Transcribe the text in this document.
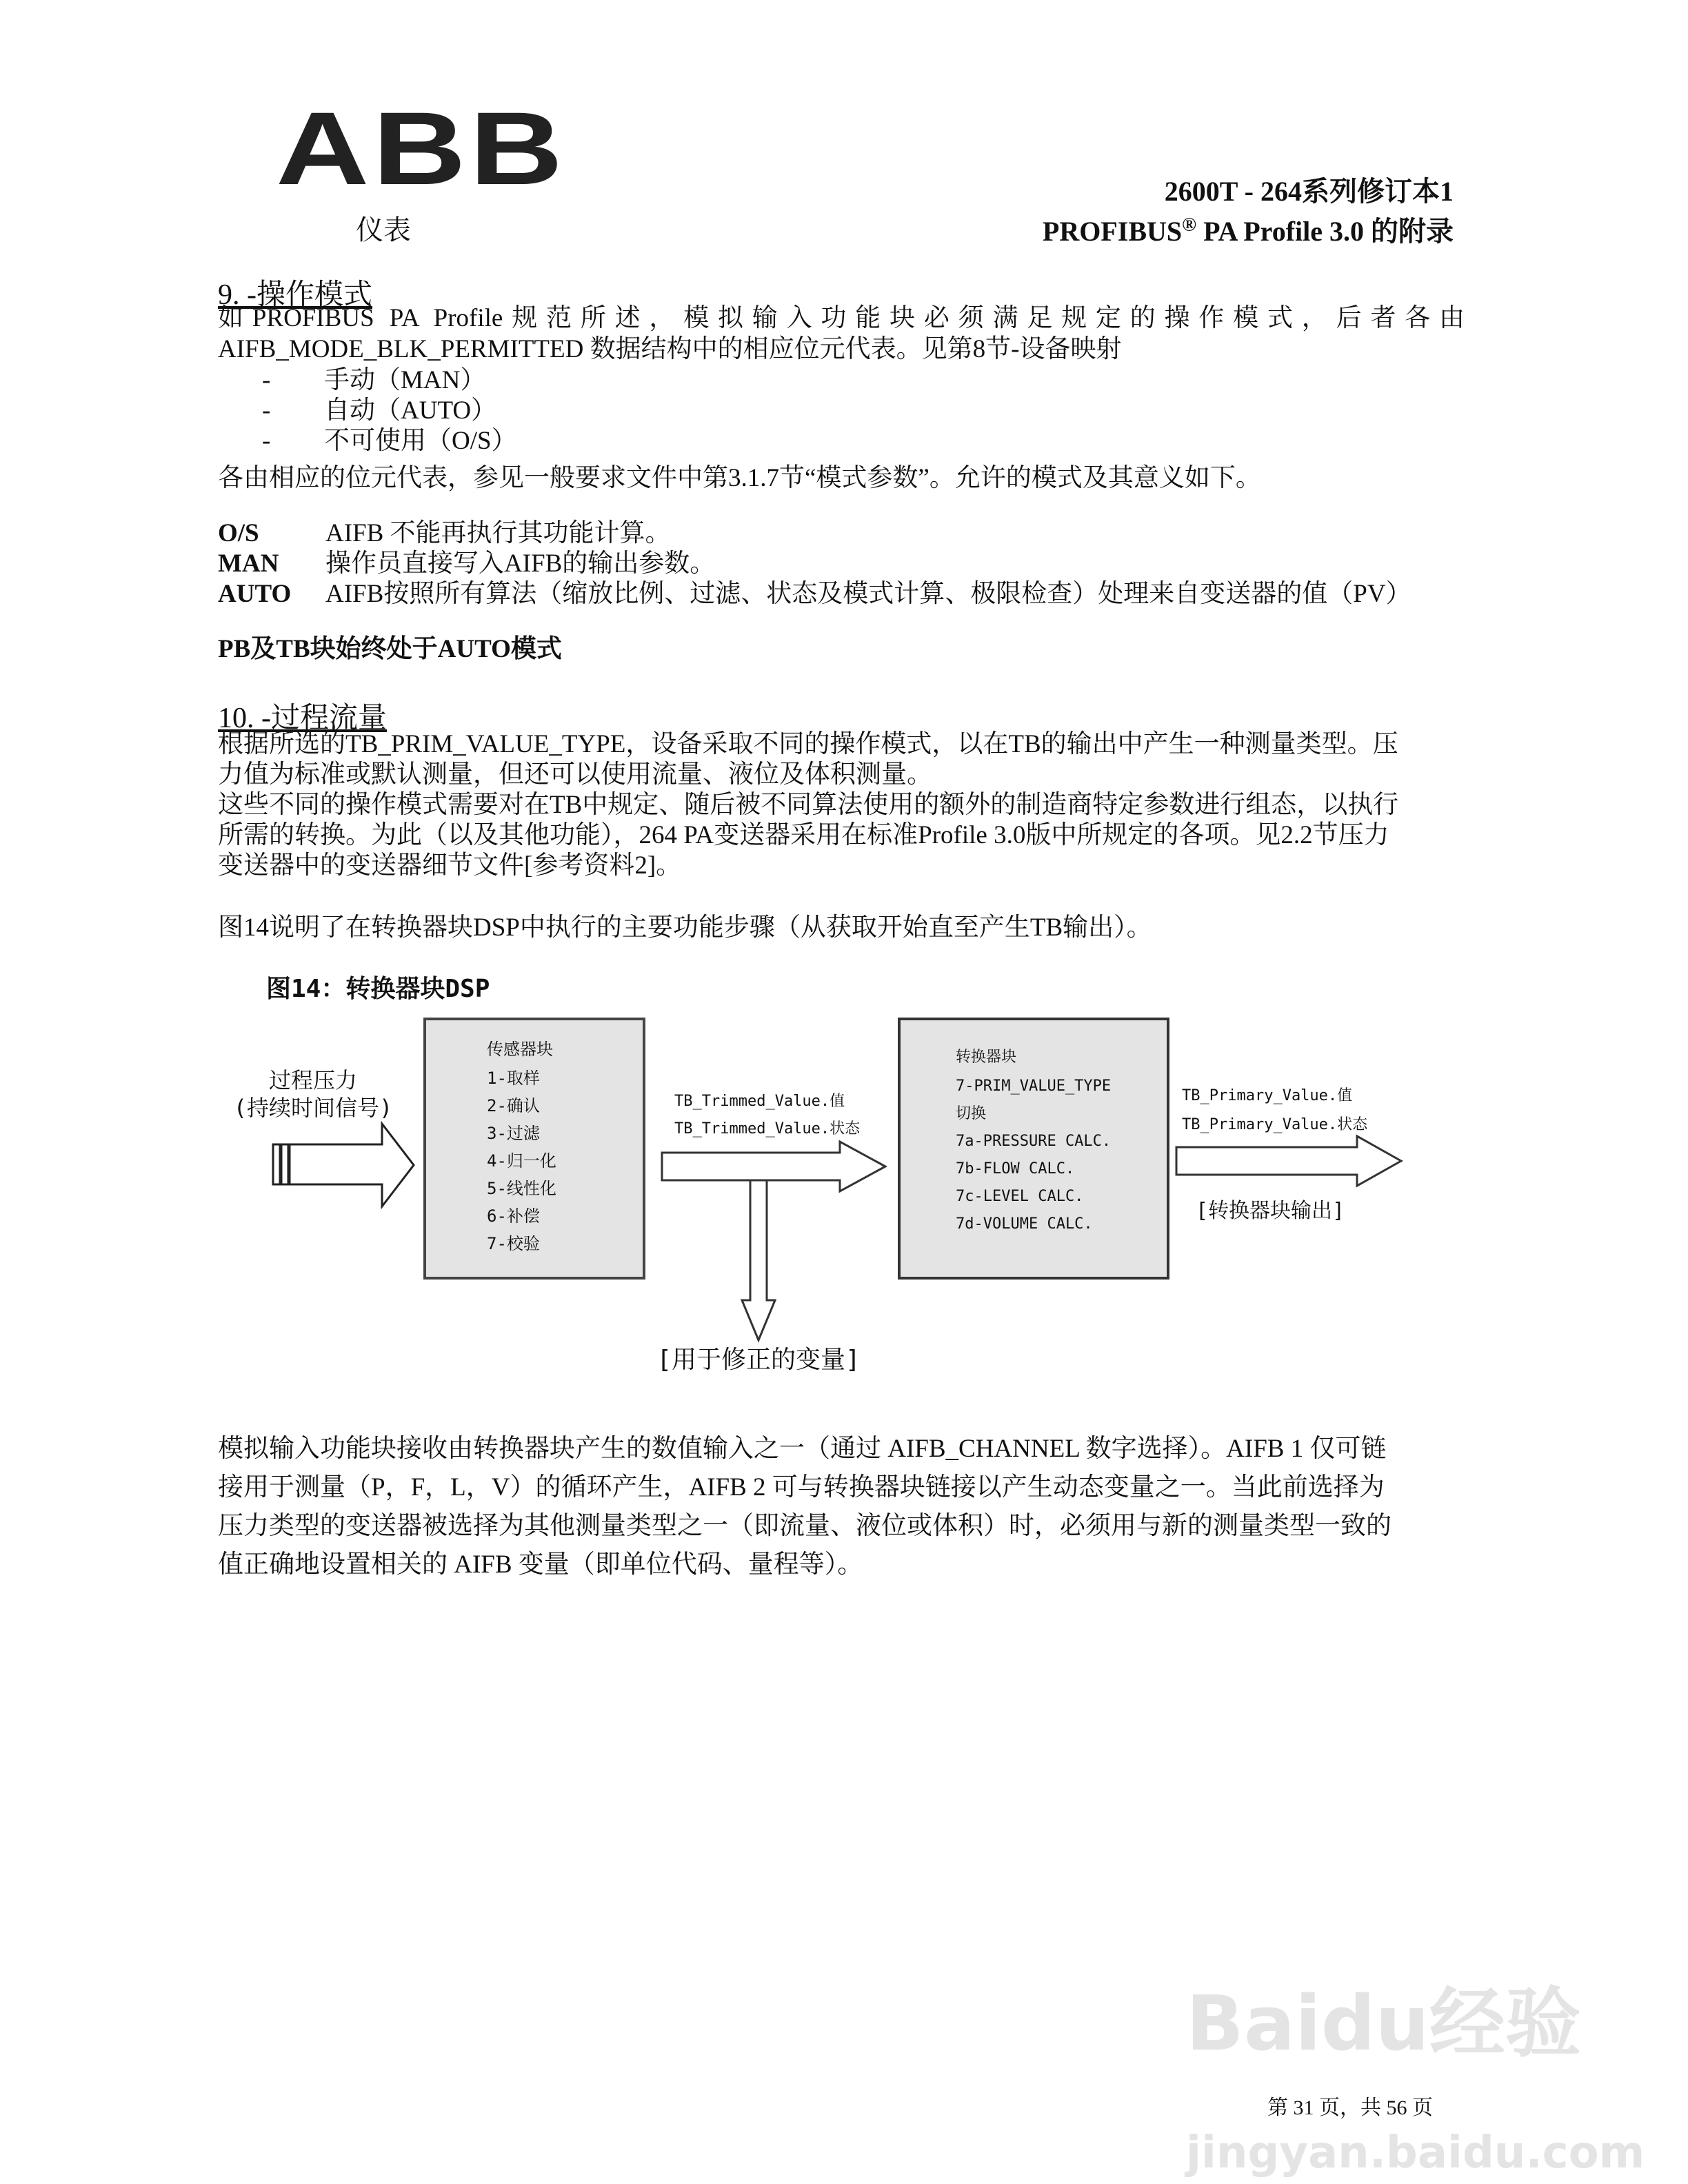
ABB
仪表
2600T - 264系列修订本1
PROFIBUS® PA Profile 3.0 的附录
9. -操作模式
如PROFIBUS PA Profile规范所述，模拟输入功能块必须满足规定的操作模式，后者各由
AIFB_MODE_BLK_PERMITTED 数据结构中的相应位元代表。见第8节-设备映射
- 手动（MAN）
- 自动（AUTO）
- 不可使用（O/S）
各由相应的位元代表，参见一般要求文件中第3.1.7节“模式参数”。允许的模式及其意义如下。
O/S	AIFB 不能再执行其功能计算。
MAN 操作员直接写入AIFB的输出参数。
AUTO AIFB按照所有算法（缩放比例、过滤、状态及模式计算、极限检查）处理来自变送器的值（PV）
PB及TB块始终处于AUTO模式
10. -过程流量
根据所选的TB_PRIM_VALUE_TYPE，设备采取不同的操作模式，以在TB的输出中产生一种测量类型。压
力值为标准或默认测量，但还可以使用流量、液位及体积测量。
这些不同的操作模式需要对在TB中规定、随后被不同算法使用的额外的制造商特定参数进行组态，以执行
所需的转换。为此（以及其他功能），264 PA变送器采用在标准Profile 3.0版中所规定的各项。见2.2节压力
变送器中的变送器细节文件[参考资料2]。
图14说明了在转换器块DSP中执行的主要功能步骤（从获取开始直至产生TB输出）。
图14：转换器块DSP
过程压力
(持续时间信号)
传感器块
1-取样
2-确认
3-过滤
4-归一化
5-线性化
6-补偿
7-校验
TB_Trimmed_Value.值
TB_Trimmed_Value.状态
[用于修正的变量]
转换器块
7-PRIM_VALUE_TYPE
切换
7a-PRESSURE CALC.
7b-FLOW CALC.
7c-LEVEL CALC.
7d-VOLUME CALC.
TB_Primary_Value.值
TB_Primary_Value.状态
[转换器块输出]
模拟输入功能块接收由转换器块产生的数值输入之一（通过 AIFB_CHANNEL 数字选择）。AIFB 1 仅可链
接用于测量（P，F，L，V）的循环产生，AIFB 2 可与转换器块链接以产生动态变量之一。当此前选择为
压力类型的变送器被选择为其他测量类型之一（即流量、液位或体积）时，必须用与新的测量类型一致的
值正确地设置相关的 AIFB 变量（即单位代码、量程等）。
Baidu经验
第 31 页，共 56 页
jingyan.baidu.com
